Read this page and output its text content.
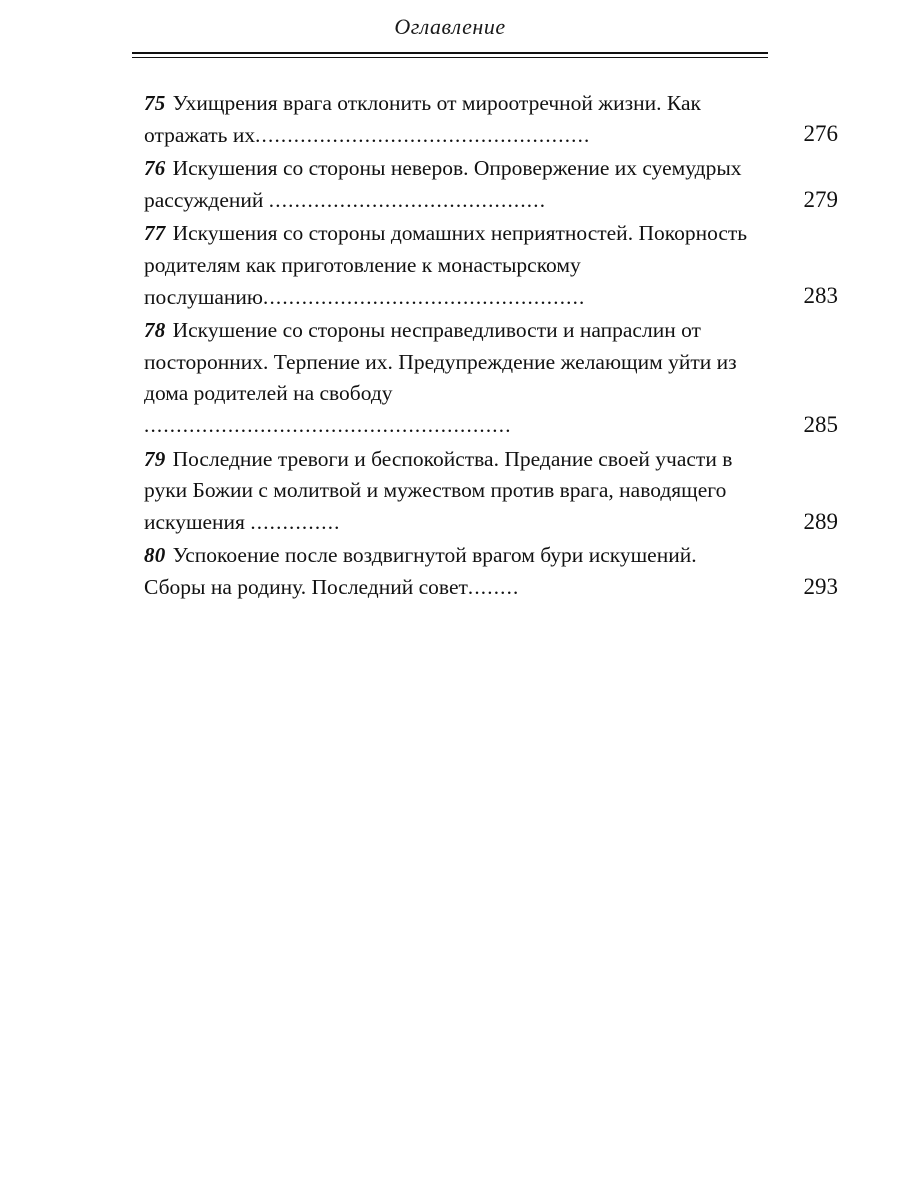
Оглавление

75 Ухищрения врага отклонить от мироотречной жизни. Как отражать их....................................................	276

76 Искушения со стороны неверов. Опровержение их суемудрых рассуждений ...........................................	279

77 Искушения со стороны домашних неприятностей. Покорность родителям как приготовление к монастырскому послушанию..................................................	283

78 Искушение со стороны несправедливости и напраслин от посторонних. Терпение их. Предупреждение желающим уйти из дома родителей на свободу .........................................................	285

79 Последние тревоги и беспокойства. Предание своей участи в руки Божии с молитвой и мужеством против врага, наводящего искушения ..............	289

80 Успокоение после воздвигнутой врагом бури искушений. Сборы на родину. Последний совет........	293
